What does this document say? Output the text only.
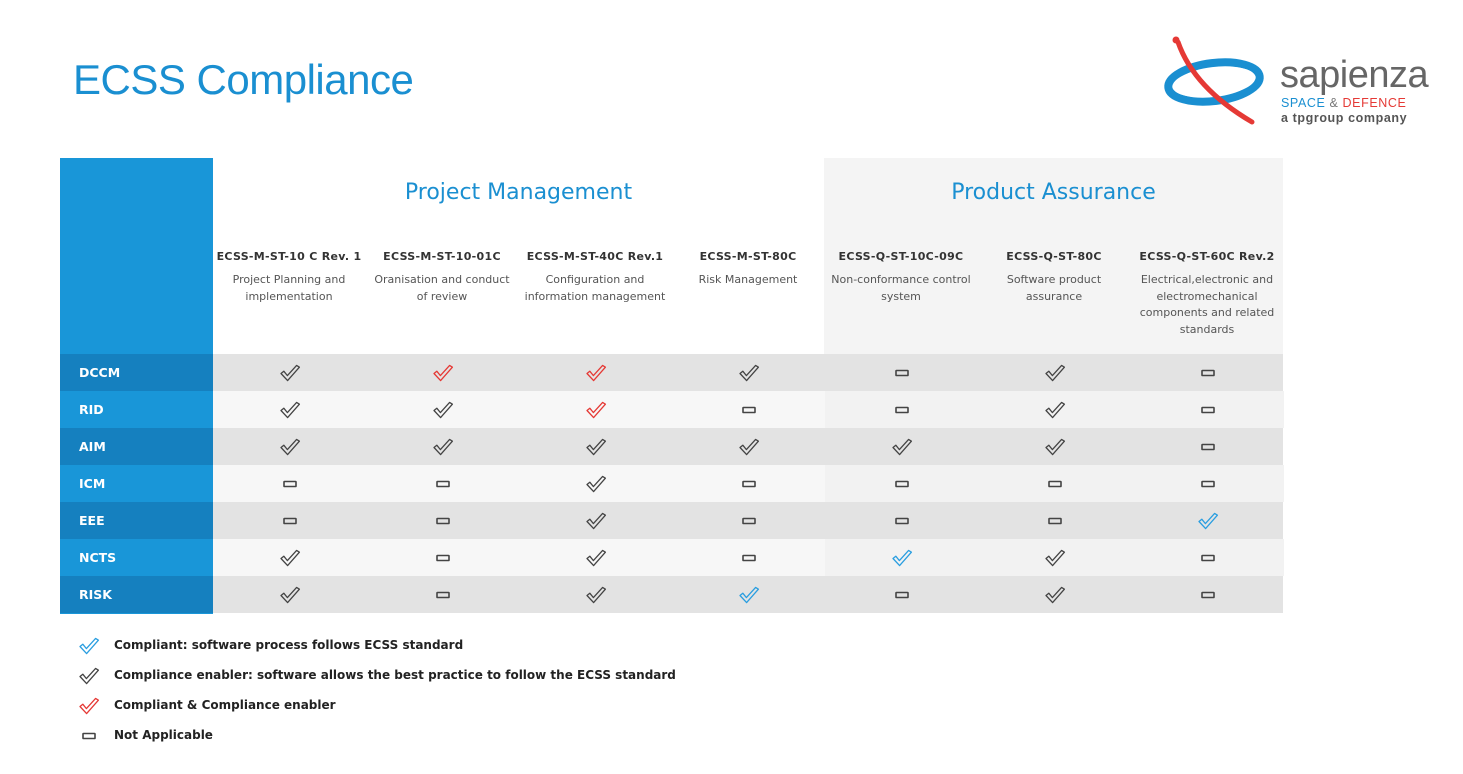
ECSS Compliance	sapienza
SPACE & DEFENCE
a tpgroup company
Project Management	Product Assurance
ECSS-M-ST-10 C Rev. 1
Project Planning and implementation
ECSS-M-ST-10-01C
Oranisation and conduct of review
ECSS-M-ST-40C Rev.1
Configuration and information management
ECSS-M-ST-80C
Risk Management
ECSS-Q-ST-10C-09C
Non-conformance control system
ECSS-Q-ST-80C
Software product assurance
ECSS-Q-ST-60C Rev.2
Electrical,electronic and electromechanical components and related standards
DCCM
RID
AIM
ICM
EEE
NCTS
RISK
Compliant: software process follows ECSS standard
Compliance enabler: software allows the best practice to follow the ECSS standard
Compliant & Compliance enabler
Not Applicable
